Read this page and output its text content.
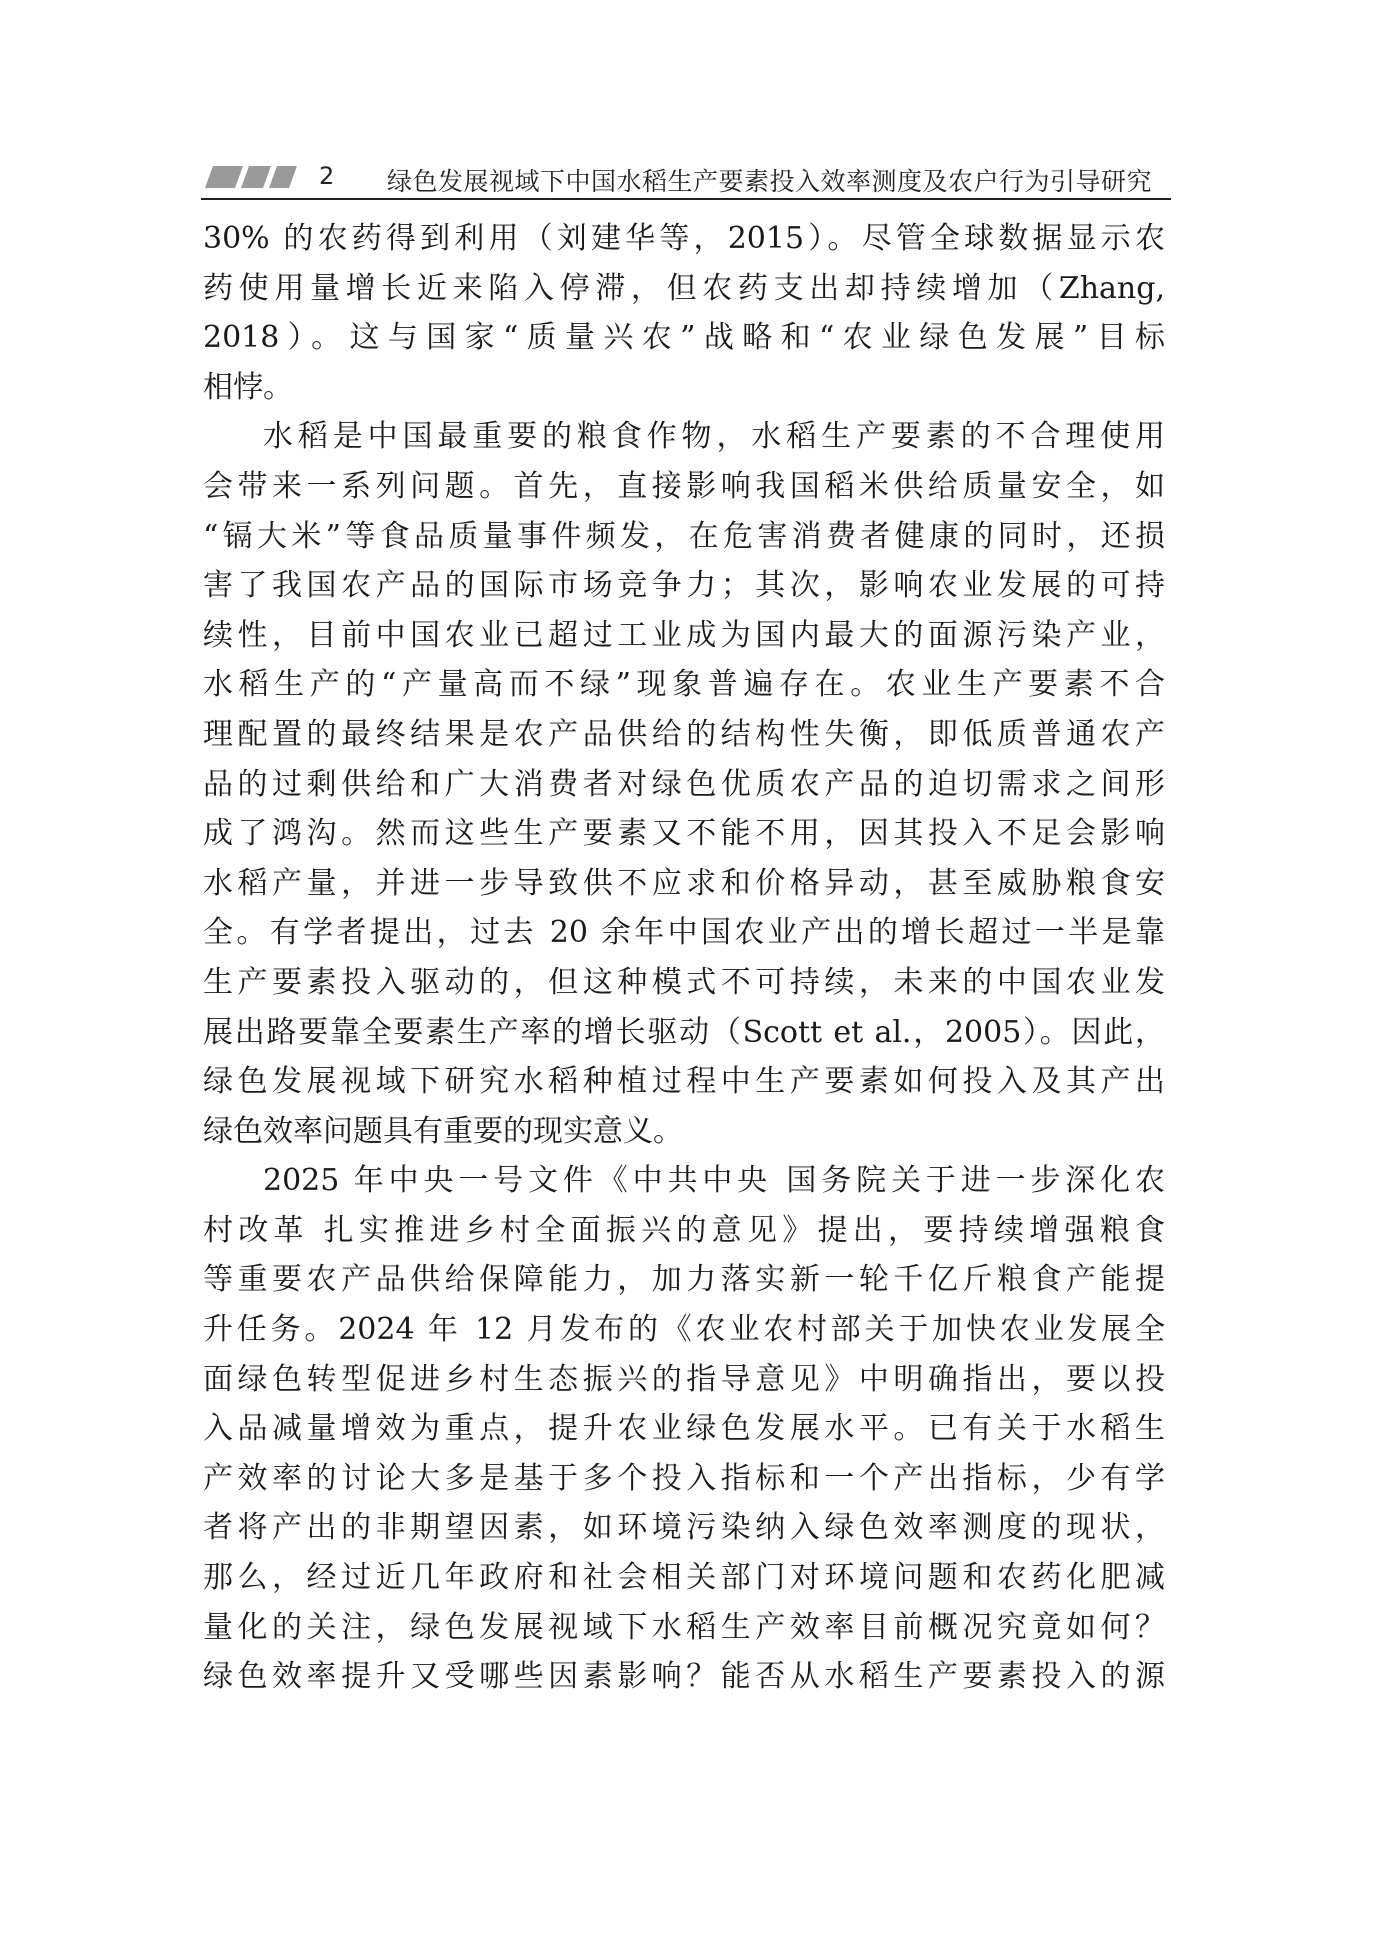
2 绿色发展视域下中国水稻生产要素投入效率测度及农户行为引导研究
30% 的农药得到利用（刘建华等，2015）。尽管全球数据显示农
药使用量增长近来陷入停滞，但农药支出却持续增加（Zhang,
2018）。这与国家“质量兴农”战略和“农业绿色发展”目标
相悖。
水稻是中国最重要的粮食作物，水稻生产要素的不合理使用
会带来一系列问题。首先，直接影响我国稻米供给质量安全，如
“镉大米”等食品质量事件频发，在危害消费者健康的同时，还损
害了我国农产品的国际市场竞争力；其次，影响农业发展的可持
续性，目前中国农业已超过工业成为国内最大的面源污染产业，
水稻生产的“产量高而不绿”现象普遍存在。农业生产要素不合
理配置的最终结果是农产品供给的结构性失衡，即低质普通农产
品的过剩供给和广大消费者对绿色优质农产品的迫切需求之间形
成了鸿沟。然而这些生产要素又不能不用，因其投入不足会影响
水稻产量，并进一步导致供不应求和价格异动，甚至威胁粮食安
全。有学者提出，过去 20 余年中国农业产出的增长超过一半是靠
生产要素投入驱动的，但这种模式不可持续，未来的中国农业发
展出路要靠全要素生产率的增长驱动（Scott et al.，2005）。因此，
绿色发展视域下研究水稻种植过程中生产要素如何投入及其产出
绿色效率问题具有重要的现实意义。
2025 年中央一号文件《中共中央 国务院关于进一步深化农
村改革 扎实推进乡村全面振兴的意见》提出，要持续增强粮食
等重要农产品供给保障能力，加力落实新一轮千亿斤粮食产能提
升任务。2024 年 12 月发布的《农业农村部关于加快农业发展全
面绿色转型促进乡村生态振兴的指导意见》中明确指出，要以投
入品减量增效为重点，提升农业绿色发展水平。已有关于水稻生
产效率的讨论大多是基于多个投入指标和一个产出指标，少有学
者将产出的非期望因素，如环境污染纳入绿色效率测度的现状，
那么，经过近几年政府和社会相关部门对环境问题和农药化肥减
量化的关注，绿色发展视域下水稻生产效率目前概况究竟如何？
绿色效率提升又受哪些因素影响？能否从水稻生产要素投入的源
